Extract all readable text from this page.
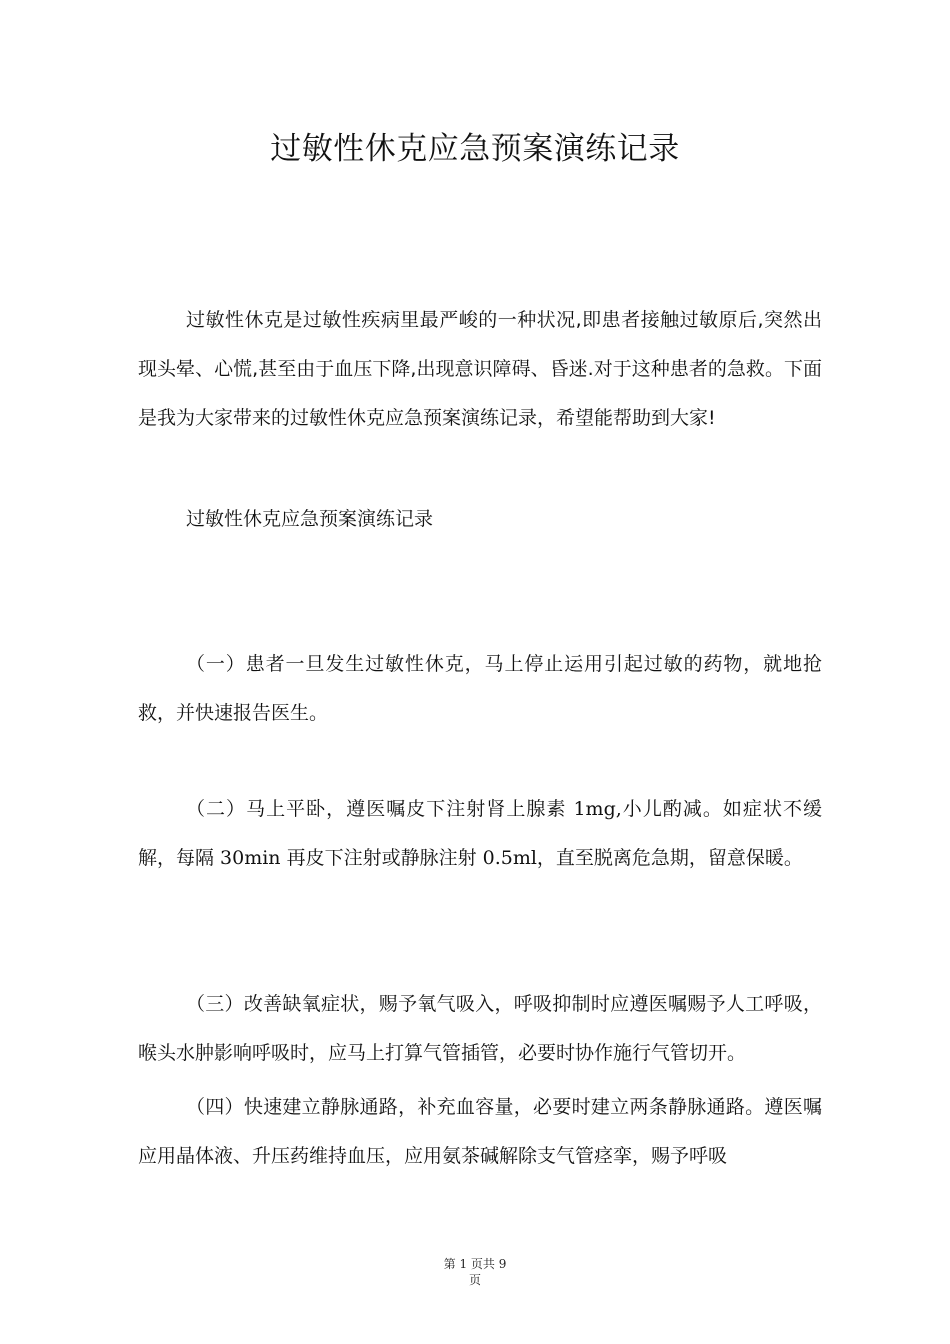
过敏性休克应急预案演练记录

过敏性休克是过敏性疾病里最严峻的一种状况,即患者接触过敏原后,突然出现头晕、心慌,甚至由于血压下降,出现意识障碍、昏迷.对于这种患者的急救。下面是我为大家带来的过敏性休克应急预案演练记录，希望能帮助到大家!

过敏性休克应急预案演练记录

（一）患者一旦发生过敏性休克，马上停止运用引起过敏的药物，就地抢救，并快速报告医生。

（二）马上平卧，遵医嘱皮下注射肾上腺素 1mg,小儿酌减。如症状不缓解，每隔 30min 再皮下注射或静脉注射 0.5ml，直至脱离危急期，留意保暖。

（三）改善缺氧症状，赐予氧气吸入，呼吸抑制时应遵医嘱赐予人工呼吸，喉头水肿影响呼吸时，应马上打算气管插管，必要时协作施行气管切开。

（四）快速建立静脉通路，补充血容量，必要时建立两条静脉通路。遵医嘱应用晶体液、升压药维持血压，应用氨茶碱解除支气管痉挛，赐予呼吸

第 1 页共 9
页
